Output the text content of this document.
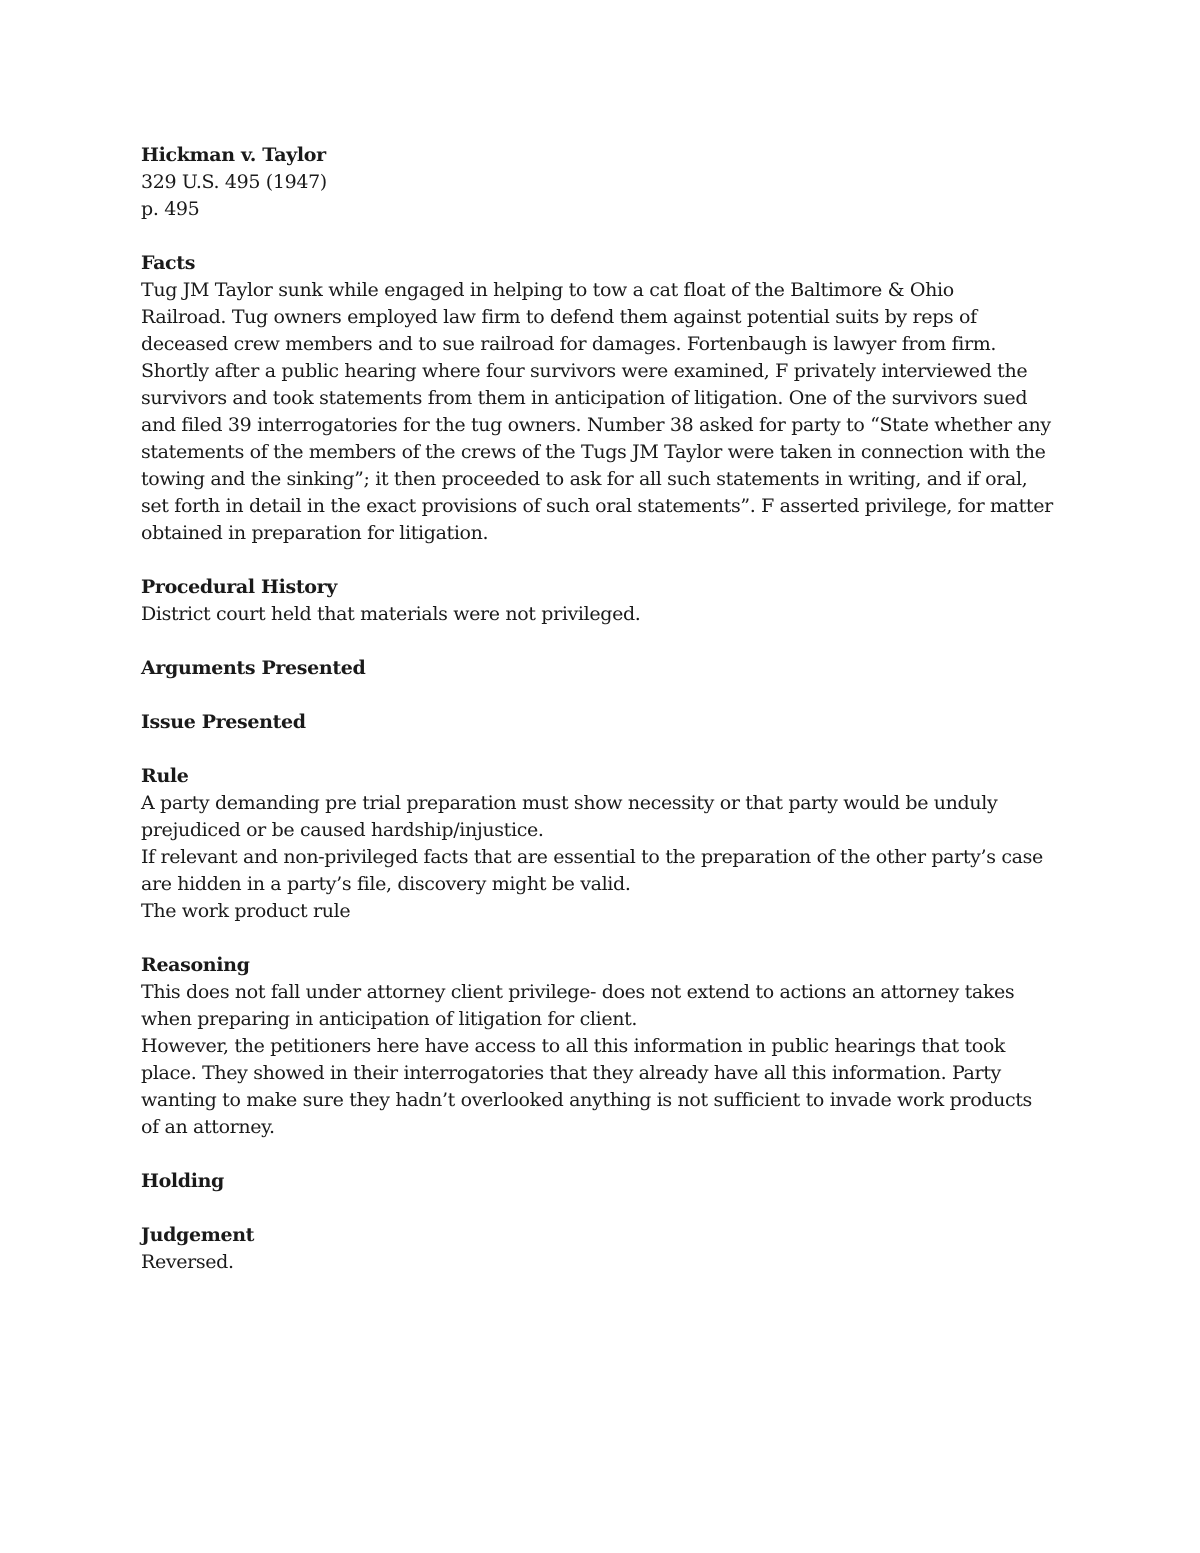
Hickman v. Taylor
329 U.S. 495 (1947)
p. 495
Facts
Tug JM Taylor sunk while engaged in helping to tow a cat float of the Baltimore & Ohio
Railroad. Tug owners employed law firm to defend them against potential suits by reps of
deceased crew members and to sue railroad for damages. Fortenbaugh is lawyer from firm.
Shortly after a public hearing where four survivors were examined, F privately interviewed the
survivors and took statements from them in anticipation of litigation. One of the survivors sued
and filed 39 interrogatories for the tug owners. Number 38 asked for party to “State whether any
statements of the members of the crews of the Tugs JM Taylor were taken in connection with the
towing and the sinking”; it then proceeded to ask for all such statements in writing, and if oral,
set forth in detail in the exact provisions of such oral statements”. F asserted privilege, for matter
obtained in preparation for litigation.
Procedural History
District court held that materials were not privileged.
Arguments Presented
Issue Presented
Rule
A party demanding pre trial preparation must show necessity or that party would be unduly
prejudiced or be caused hardship/injustice.
If relevant and non-privileged facts that are essential to the preparation of the other party’s case
are hidden in a party’s file, discovery might be valid.
The work product rule
Reasoning
This does not fall under attorney client privilege- does not extend to actions an attorney takes
when preparing in anticipation of litigation for client.
However, the petitioners here have access to all this information in public hearings that took
place. They showed in their interrogatories that they already have all this information. Party
wanting to make sure they hadn’t overlooked anything is not sufficient to invade work products
of an attorney.
Holding
Judgement
Reversed.
